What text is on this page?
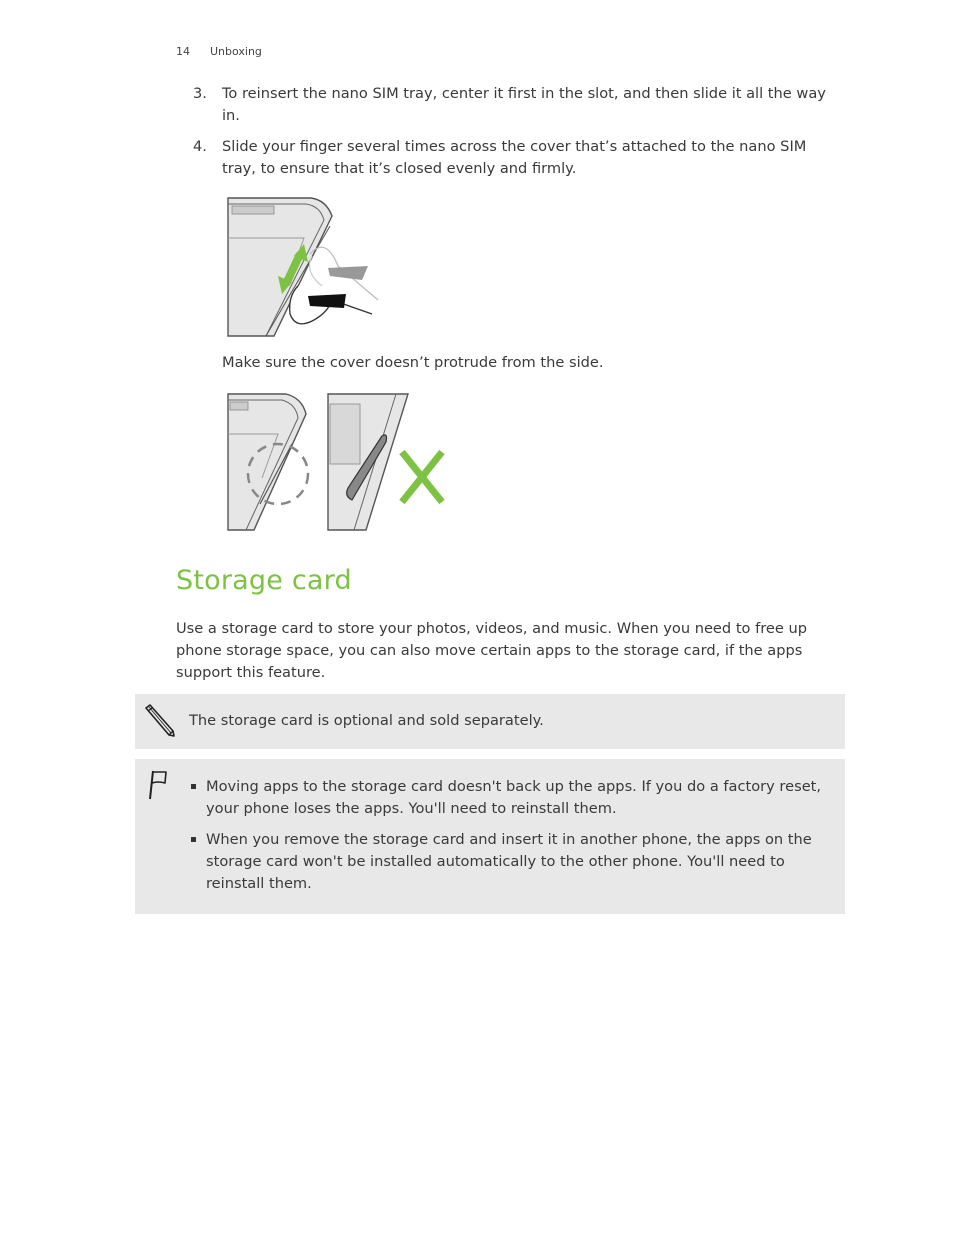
14 Unboxing
3. To reinsert the nano SIM tray, center it first in the slot, and then slide it all the way in.
4. Slide your finger several times across the cover that’s attached to the nano SIM tray, to ensure that it’s closed evenly and firmly.
Make sure the cover doesn’t protrude from the side.
Storage card
Use a storage card to store your photos, videos, and music. When you need to free up phone storage space, you can also move certain apps to the storage card, if the apps support this feature.
The storage card is optional and sold separately.
Moving apps to the storage card doesn't back up the apps. If you do a factory reset, your phone loses the apps. You'll need to reinstall them.
When you remove the storage card and insert it in another phone, the apps on the storage card won't be installed automatically to the other phone. You'll need to reinstall them.
